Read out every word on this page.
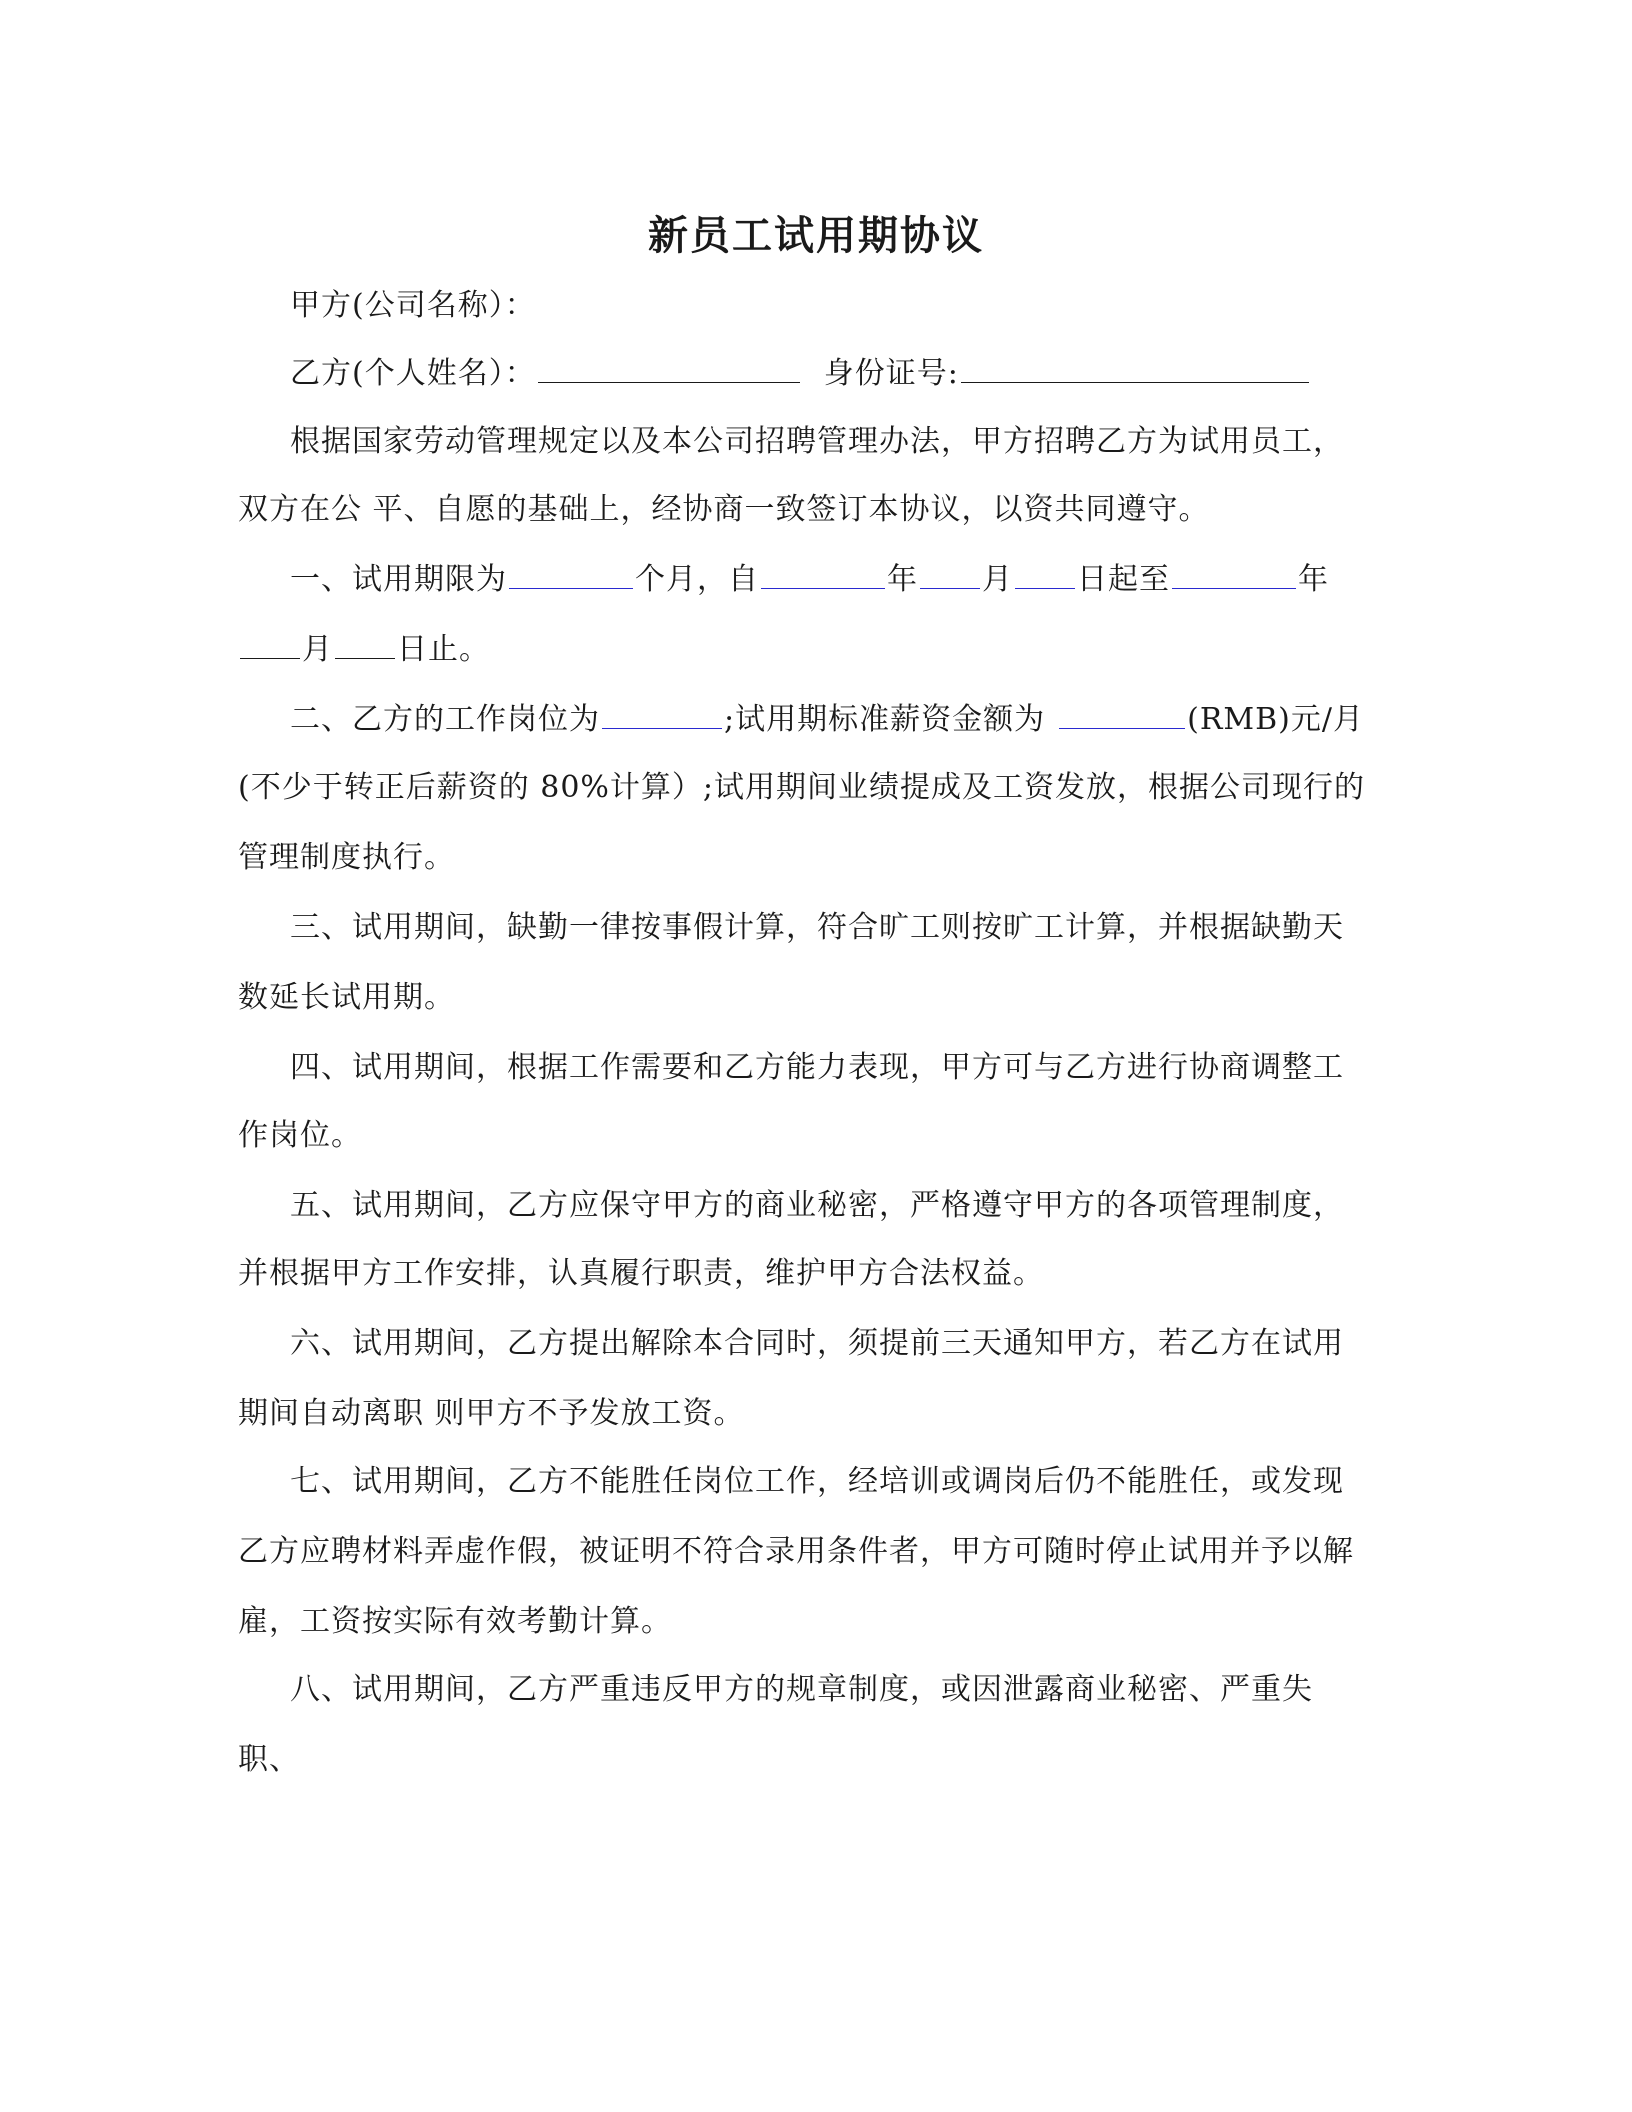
新员工试用期协议
甲方(公司名称）：
乙方(个人姓名）：	身份证号:
根据国家劳动管理规定以及本公司招聘管理办法，甲方招聘乙方为试用员工，
双方在公 平、自愿的基础上，经协商一致签订本协议，以资共同遵守。
一、试用期限为	个月，自	年 月 日起至	年
月 日止。
二、乙方的工作岗位为	;试用期标准薪资金额为	(RMB)元/月
(不少于转正后薪资的 80%计算）;试用期间业绩提成及工资发放，根据公司现行的
管理制度执行。
三、试用期间，缺勤一律按事假计算，符合旷工则按旷工计算，并根据缺勤天
数延长试用期。
四、试用期间，根据工作需要和乙方能力表现，甲方可与乙方进行协商调整工
作岗位。
五、试用期间，乙方应保守甲方的商业秘密，严格遵守甲方的各项管理制度，
并根据甲方工作安排，认真履行职责，维护甲方合法权益。
六、试用期间，乙方提出解除本合同时，须提前三天通知甲方，若乙方在试用
期间自动离职 则甲方不予发放工资。
七、试用期间，乙方不能胜任岗位工作，经培训或调岗后仍不能胜任，或发现
乙方应聘材料弄虚作假，被证明不符合录用条件者，甲方可随时停止试用并予以解
雇，工资按实际有效考勤计算。
八、试用期间，乙方严重违反甲方的规章制度，或因泄露商业秘密、严重失
职、
